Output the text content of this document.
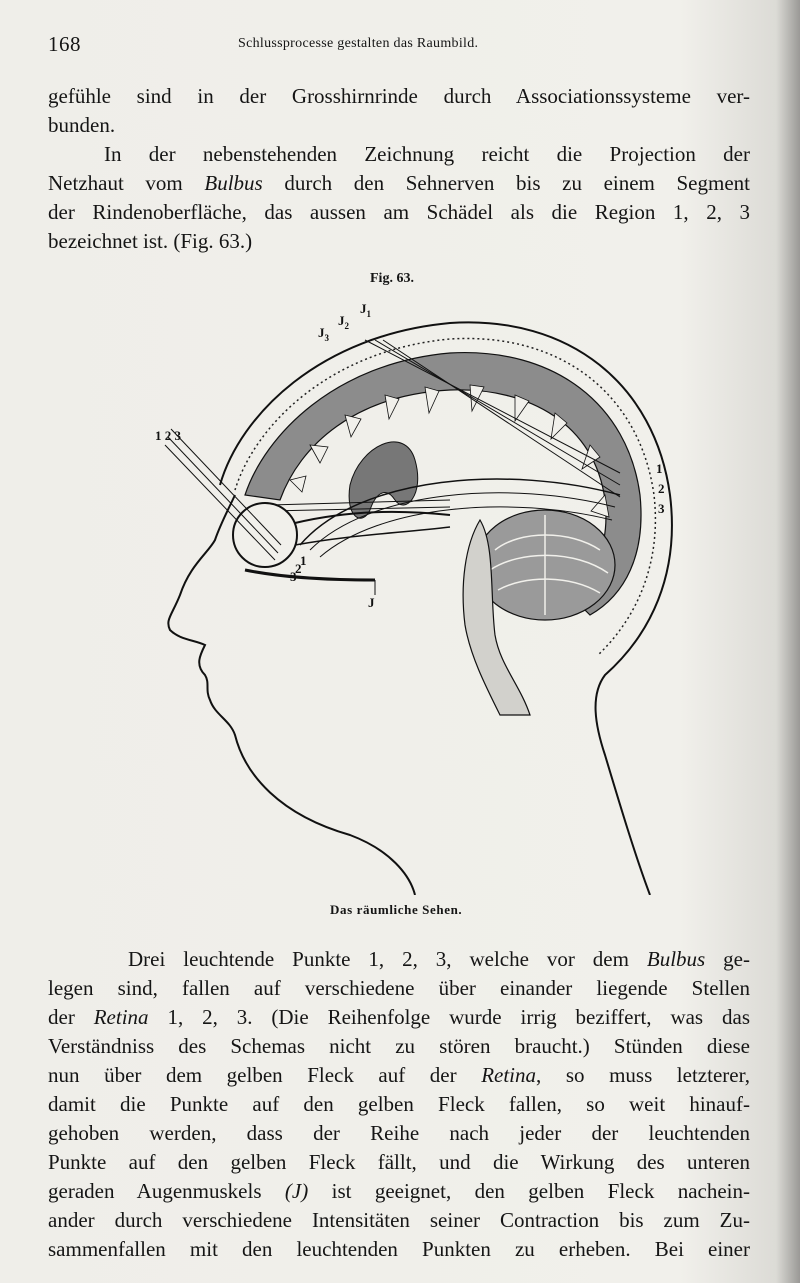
168	Schlussprocesse gestalten das Raumbild.

gefühle sind in der Grosshirnrinde durch Associationssysteme ver-
bunden.

In der nebenstehenden Zeichnung reicht die Projection der
Netzhaut vom Bulbus durch den Sehnerven bis zu einem Segment
der Rindenoberfläche, das aussen am Schädel als die Region 1, 2, 3
bezeichnet ist. (Fig. 63.)

Fig. 63.
$J_3$
$J_2$
$J_1$
1 2 3
1
2
3
1
2
3
J
Das räumliche Sehen.

Drei leuchtende Punkte 1, 2, 3, welche vor dem Bulbus ge-
legen sind, fallen auf verschiedene über einander liegende Stellen
der Retina 1, 2, 3. (Die Reihenfolge wurde irrig beziffert, was das
Verständniss des Schemas nicht zu stören braucht.) Stünden diese
nun über dem gelben Fleck auf der Retina, so muss letzterer,
damit die Punkte auf den gelben Fleck fallen, so weit hinauf-
gehoben werden, dass der Reihe nach jeder der leuchtenden
Punkte auf den gelben Fleck fällt, und die Wirkung des unteren
geraden Augenmuskels (J) ist geeignet, den gelben Fleck nachein-
ander durch verschiedene Intensitäten seiner Contraction bis zum Zu-
sammenfallen mit den leuchtenden Punkten zu erheben. Bei einer
